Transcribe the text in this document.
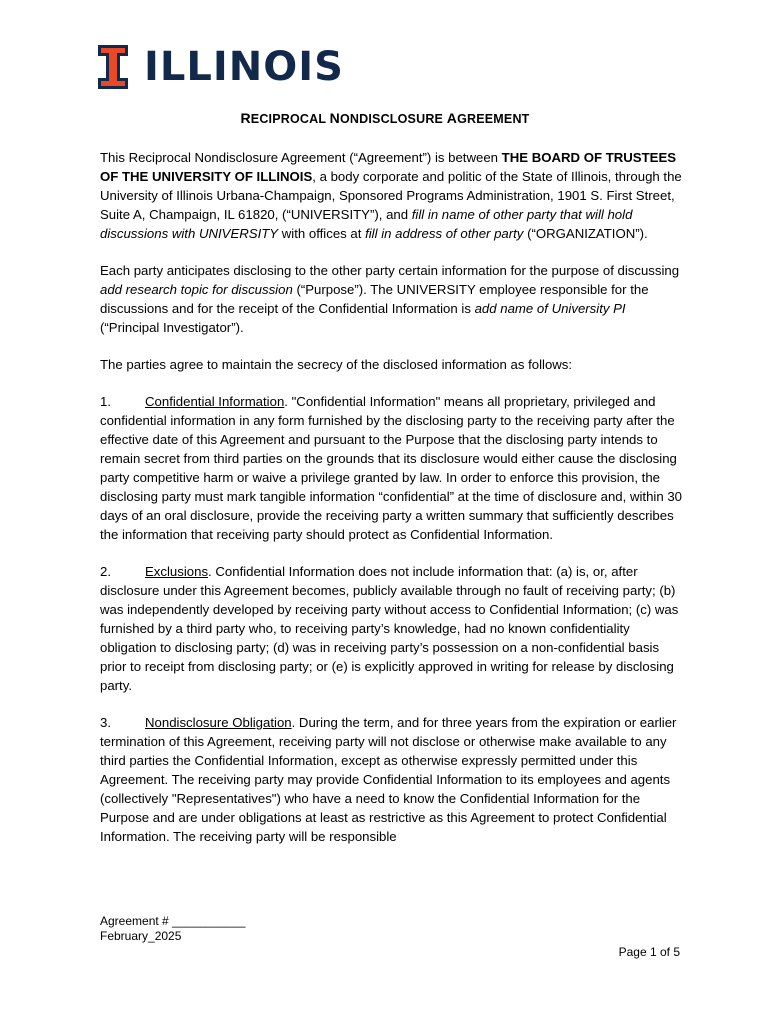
ILLINOIS
RECIPROCAL NONDISCLOSURE AGREEMENT

This Reciprocal Nondisclosure Agreement (“Agreement”) is between THE BOARD OF TRUSTEES OF THE UNIVERSITY OF ILLINOIS, a body corporate and politic of the State of Illinois, through the University of Illinois Urbana-Champaign, Sponsored Programs Administration, 1901 S. First Street, Suite A, Champaign, IL 61820, (“UNIVERSITY”), and fill in name of other party that will hold discussions with UNIVERSITY with offices at fill in address of other party (“ORGANIZATION”).

Each party anticipates disclosing to the other party certain information for the purpose of discussing add research topic for discussion (“Purpose”). The UNIVERSITY employee responsible for the discussions and for the receipt of the Confidential Information is add name of University PI (“Principal Investigator”).

The parties agree to maintain the secrecy of the disclosed information as follows:

1.	Confidential Information. "Confidential Information" means all proprietary, privileged and confidential information in any form furnished by the disclosing party to the receiving party after the effective date of this Agreement and pursuant to the Purpose that the disclosing party intends to remain secret from third parties on the grounds that its disclosure would either cause the disclosing party competitive harm or waive a privilege granted by law. In order to enforce this provision, the disclosing party must mark tangible information “confidential” at the time of disclosure and, within 30 days of an oral disclosure, provide the receiving party a written summary that sufficiently describes the information that receiving party should protect as Confidential Information.

2.	Exclusions. Confidential Information does not include information that: (a) is, or, after disclosure under this Agreement becomes, publicly available through no fault of receiving party; (b) was independently developed by receiving party without access to Confidential Information; (c) was furnished by a third party who, to receiving party’s knowledge, had no known confidentiality obligation to disclosing party; (d) was in receiving party’s possession on a non-confidential basis prior to receipt from disclosing party; or (e) is explicitly approved in writing for release by disclosing party.

3.	Nondisclosure Obligation. During the term, and for three years from the expiration or earlier termination of this Agreement, receiving party will not disclose or otherwise make available to any third parties the Confidential Information, except as otherwise expressly permitted under this Agreement. The receiving party may provide Confidential Information to its employees and agents (collectively "Representatives") who have a need to know the Confidential Information for the Purpose and are under obligations at least as restrictive as this Agreement to protect Confidential Information. The receiving party will be responsible

Agreement # ___________
February_2025
Page 1 of 5
